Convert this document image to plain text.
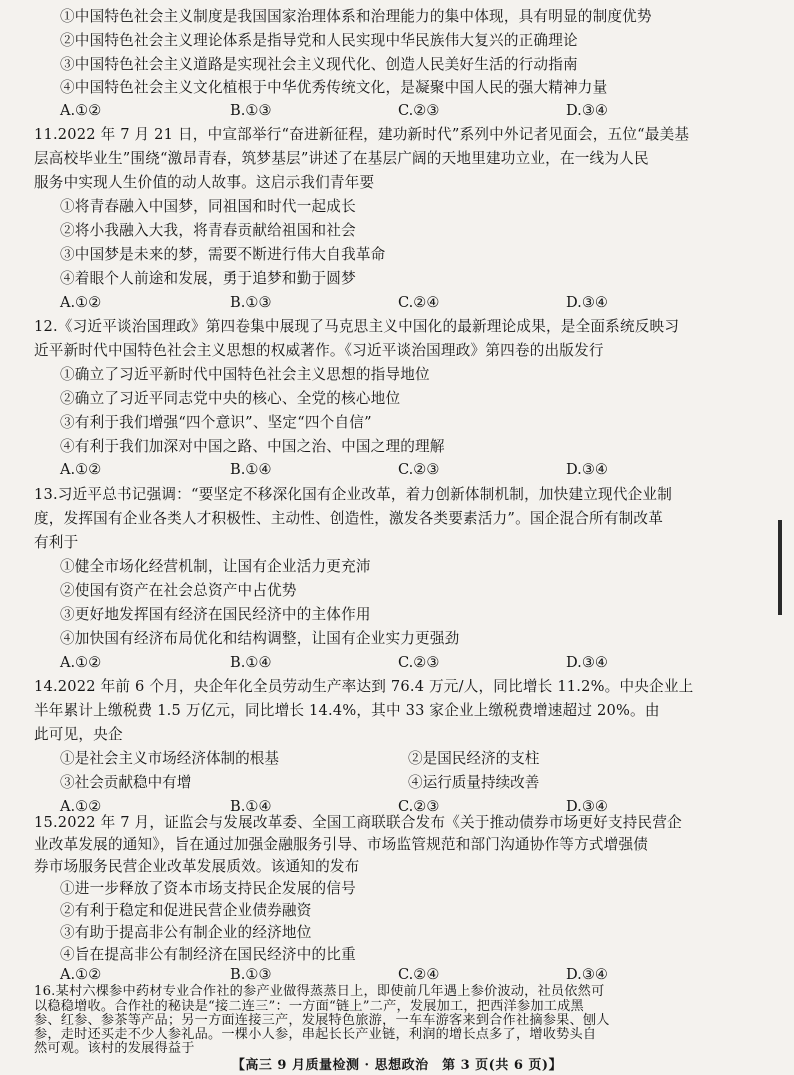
①中国特色社会主义制度是我国国家治理体系和治理能力的集中体现，具有明显的制度优势
②中国特色社会主义理论体系是指导党和人民实现中华民族伟大复兴的正确理论
③中国特色社会主义道路是实现社会主义现代化、创造人民美好生活的行动指南
④中国特色社会主义文化植根于中华优秀传统文化，是凝聚中国人民的强大精神力量
A.①②	B.①③	C.②③	D.③④
11.2022 年 7 月 21 日，中宣部举行“奋进新征程，建功新时代”系列中外记者见面会，五位“最美基
层高校毕业生”围绕“激昂青春，筑梦基层”讲述了在基层广阔的天地里建功立业，在一线为人民
服务中实现人生价值的动人故事。这启示我们青年要
①将青春融入中国梦，同祖国和时代一起成长
②将小我融入大我，将青春贡献给祖国和社会
③中国梦是未来的梦，需要不断进行伟大自我革命
④着眼个人前途和发展，勇于追梦和勤于圆梦
A.①②	B.①③	C.②④	D.③④
12.《习近平谈治国理政》第四卷集中展现了马克思主义中国化的最新理论成果，是全面系统反映习
近平新时代中国特色社会主义思想的权威著作。《习近平谈治国理政》第四卷的出版发行
①确立了习近平新时代中国特色社会主义思想的指导地位
②确立了习近平同志党中央的核心、全党的核心地位
③有利于我们增强“四个意识”、坚定“四个自信”
④有利于我们加深对中国之路、中国之治、中国之理的理解
A.①②	B.①④	C.②③	D.③④
13.习近平总书记强调：“要坚定不移深化国有企业改革，着力创新体制机制，加快建立现代企业制
度，发挥国有企业各类人才积极性、主动性、创造性，激发各类要素活力”。国企混合所有制改革
有利于
①健全市场化经营机制，让国有企业活力更充沛
②使国有资产在社会总资产中占优势
③更好地发挥国有经济在国民经济中的主体作用
④加快国有经济布局优化和结构调整，让国有企业实力更强劲
A.①②	B.①④	C.②③	D.③④
14.2022 年前 6 个月，央企年化全员劳动生产率达到 76.4 万元/人，同比增长 11.2%。中央企业上
半年累计上缴税费 1.5 万亿元，同比增长 14.4%，其中 33 家企业上缴税费增速超过 20%。由
此可见，央企
①是社会主义市场经济体制的根基	②是国民经济的支柱
③社会贡献稳中有增	④运行质量持续改善
A.①②	B.①④	C.②③	D.③④
15.2022 年 7 月，证监会与发展改革委、全国工商联联合发布《关于推动债券市场更好支持民营企
业改革发展的通知》，旨在通过加强金融服务引导、市场监管规范和部门沟通协作等方式增强债
券市场服务民营企业改革发展质效。该通知的发布
①进一步释放了资本市场支持民企发展的信号
②有利于稳定和促进民营企业债券融资
③有助于提高非公有制企业的经济地位
④旨在提高非公有制经济在国民经济中的比重
A.①②	B.①③	C.②④	D.③④
【高三 9 月质量检测 · 思想政治　第 3 页(共 6 页)】
16.某村六棵参中药材专业合作社的参产业做得蒸蒸日上，即使前几年遇上参价波动，社员依然可
以稳稳增收。合作社的秘诀是“接二连三”：一方面“链上”二产，发展加工，把西洋参加工成黑
参、红参、参茶等产品；另一方面连接三产，发展特色旅游，一车车游客来到合作社摘参果、刨人
参，走时还买走不少人参礼品。一棵小人参，串起长长产业链，利润的增长点多了，增收势头自
然可观。该村的发展得益于
